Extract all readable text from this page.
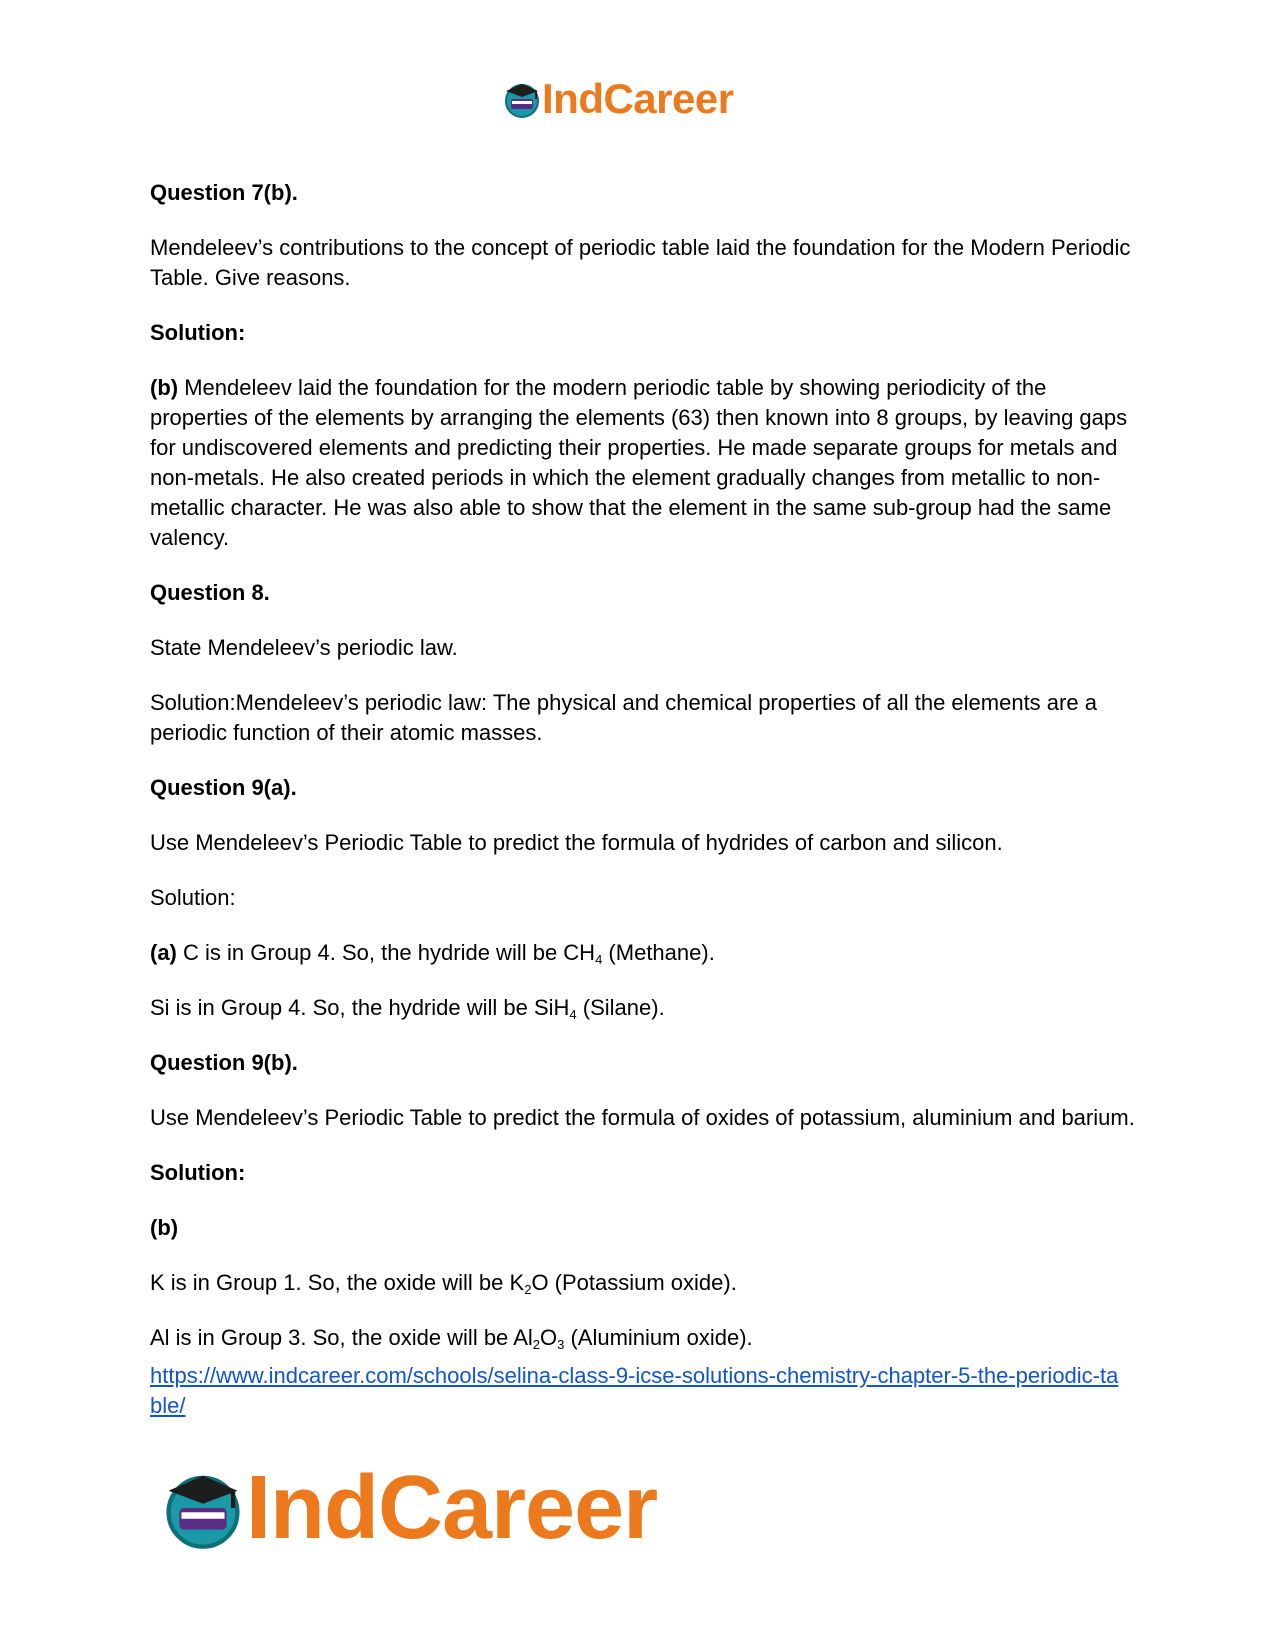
IndCareer

Question 7(b).

Mendeleev’s contributions to the concept of periodic table laid the foundation for the Modern Periodic Table. Give reasons.

Solution:

(b) Mendeleev laid the foundation for the modern periodic table by showing periodicity of the properties of the elements by arranging the elements (63) then known into 8 groups, by leaving gaps for undiscovered elements and predicting their properties. He made separate groups for metals and non-metals. He also created periods in which the element gradually changes from metallic to non-metallic character. He was also able to show that the element in the same sub-group had the same valency.

Question 8.

State Mendeleev’s periodic law.

Solution:Mendeleev’s periodic law: The physical and chemical properties of all the elements are a periodic function of their atomic masses.

Question 9(a).

Use Mendeleev’s Periodic Table to predict the formula of hydrides of carbon and silicon.

Solution:

(a) C is in Group 4. So, the hydride will be $CH_4$ (Methane).

Si is in Group 4. So, the hydride will be SiH$_4$ (Silane).

Question 9(b).

Use Mendeleev’s Periodic Table to predict the formula of oxides of potassium, aluminium and barium.

Solution:

(b)

K is in Group 1. So, the oxide will be $K_2O$ (Potassium oxide).

Al is in Group 3. So, the oxide will be $Al_2O_3$ (Aluminium oxide).

https://www.indcareer.com/schools/selina-class-9-icse-solutions-chemistry-chapter-5-the-periodic-table/
IndCareer
